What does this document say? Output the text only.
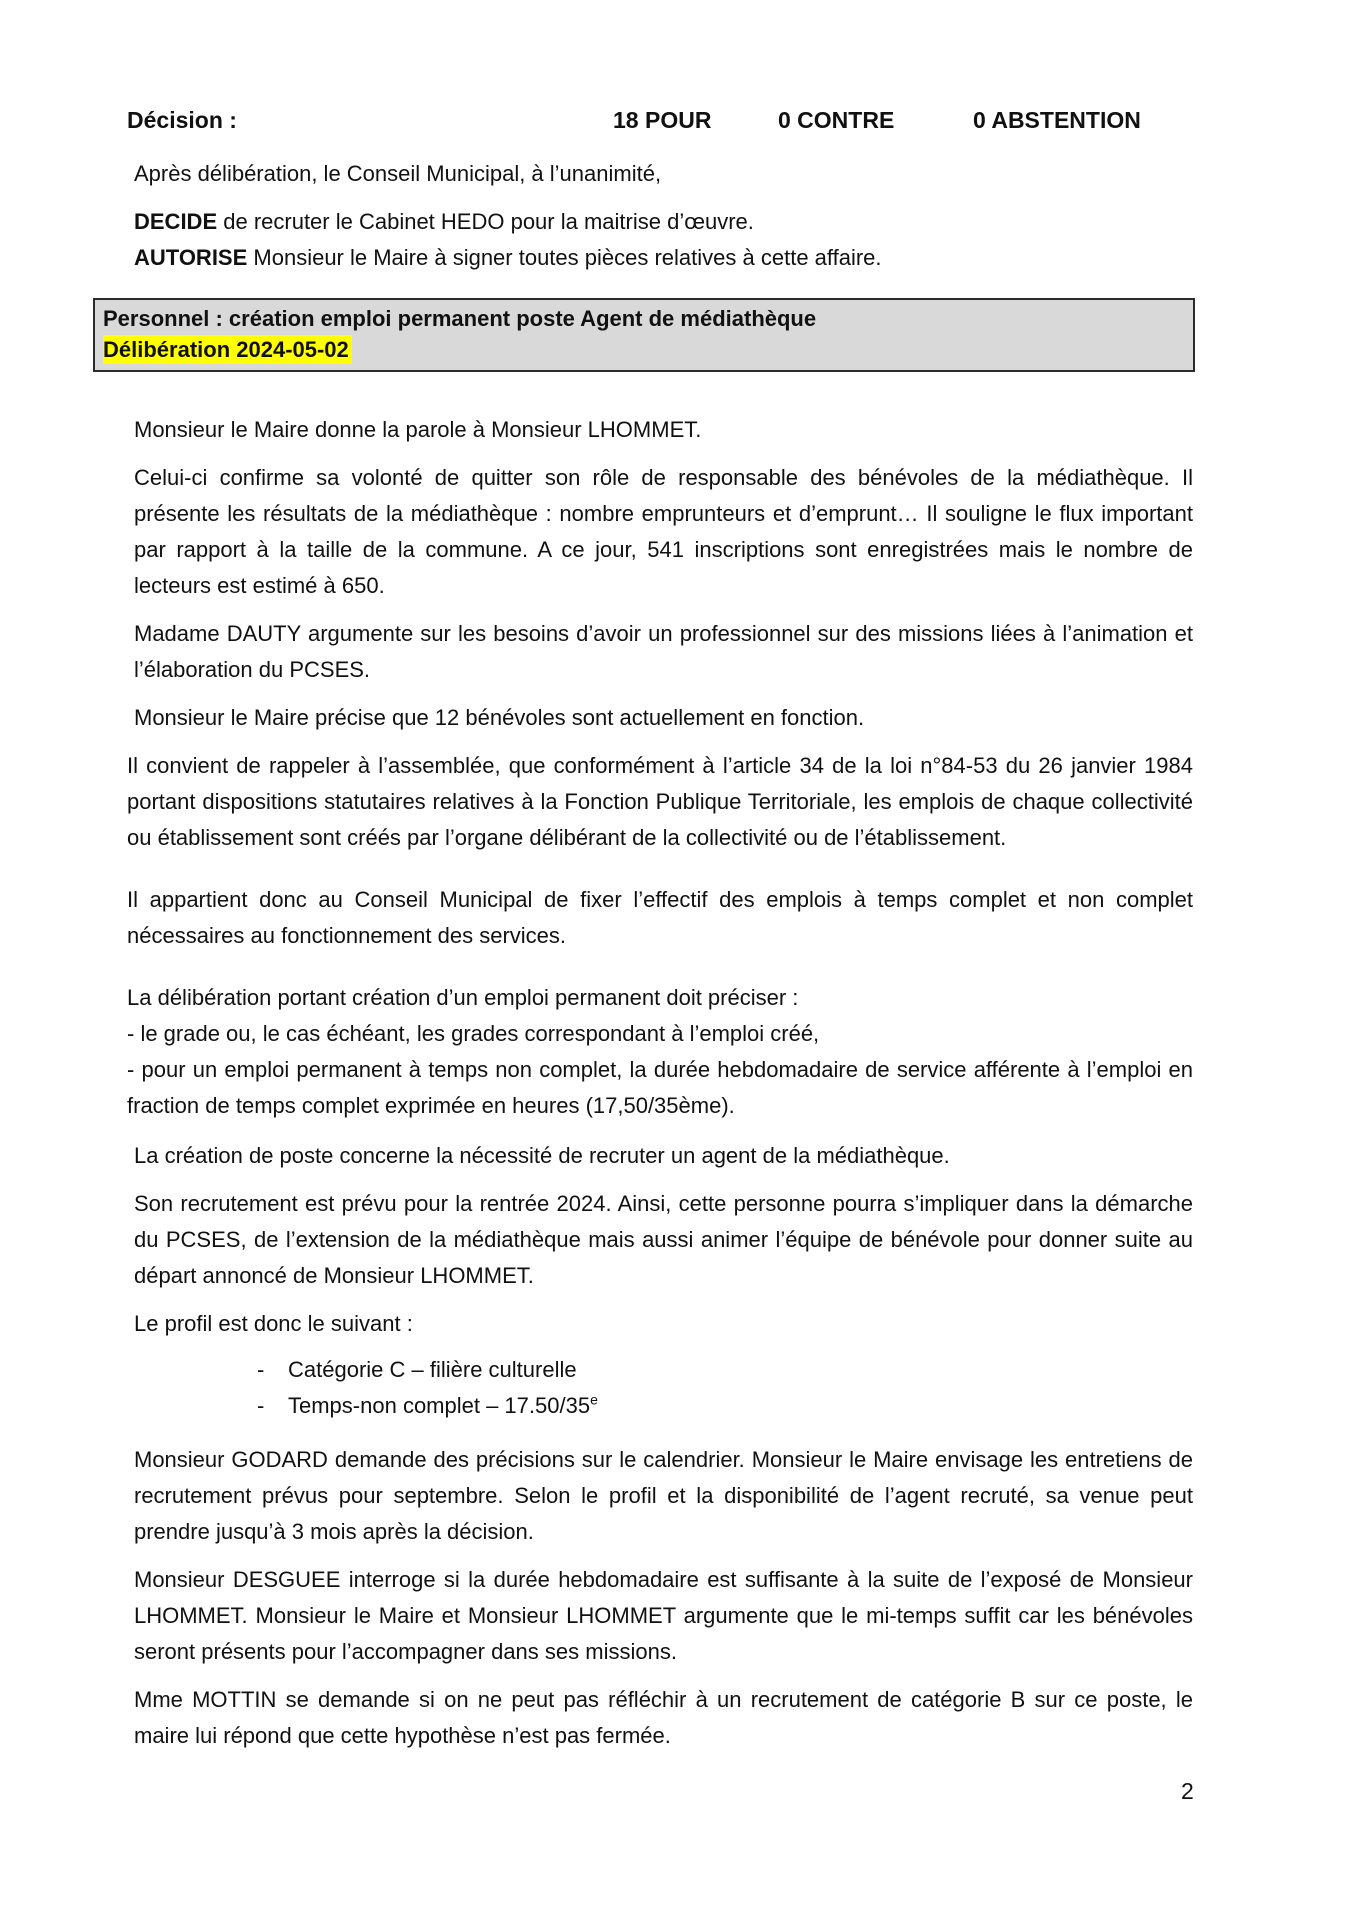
Décision :	18 POUR	0 CONTRE	0 ABSTENTION

Après délibération, le Conseil Municipal, à l’unanimité,

DECIDE de recruter le Cabinet HEDO pour la maitrise d’œuvre.

AUTORISE Monsieur le Maire à signer toutes pièces relatives à cette affaire.

Personnel : création emploi permanent poste Agent de médiathèque
Délibération 2024-05-02

Monsieur le Maire donne la parole à Monsieur LHOMMET.

Celui-ci confirme sa volonté de quitter son rôle de responsable des bénévoles de la médiathèque. Il présente les résultats de la médiathèque : nombre emprunteurs et d’emprunt… Il souligne le flux important par rapport à la taille de la commune. A ce jour, 541 inscriptions sont enregistrées mais le nombre de lecteurs est estimé à 650.

Madame DAUTY argumente sur les besoins d’avoir un professionnel sur des missions liées à l’animation et l’élaboration du PCSES.

Monsieur le Maire précise que 12 bénévoles sont actuellement en fonction.

Il convient de rappeler à l’assemblée, que conformément à l’article 34 de la loi n°84-53 du 26 janvier 1984 portant dispositions statutaires relatives à la Fonction Publique Territoriale, les emplois de chaque collectivité ou établissement sont créés par l’organe délibérant de la collectivité ou de l’établissement.

Il appartient donc au Conseil Municipal de fixer l’effectif des emplois à temps complet et non complet nécessaires au fonctionnement des services.

La délibération portant création d’un emploi permanent doit préciser :

- le grade ou, le cas échéant, les grades correspondant à l’emploi créé,

- pour un emploi permanent à temps non complet, la durée hebdomadaire de service afférente à l’emploi en fraction de temps complet exprimée en heures (17,50/35ème).

La création de poste concerne la nécessité de recruter un agent de la médiathèque.

Son recrutement est prévu pour la rentrée 2024. Ainsi, cette personne pourra s’impliquer dans la démarche du PCSES, de l’extension de la médiathèque mais aussi animer l’équipe de bénévole pour donner suite au départ annoncé de Monsieur LHOMMET.

Le profil est donc le suivant :

- Catégorie C – filière culturelle

- Temps-non complet – 17.50/35e

Monsieur GODARD demande des précisions sur le calendrier. Monsieur le Maire envisage les entretiens de recrutement prévus pour septembre. Selon le profil et la disponibilité de l’agent recruté, sa venue peut prendre jusqu’à 3 mois après la décision.

Monsieur DESGUEE interroge si la durée hebdomadaire est suffisante à la suite de l’exposé de Monsieur LHOMMET. Monsieur le Maire et Monsieur LHOMMET argumente que le mi-temps suffit car les bénévoles seront présents pour l’accompagner dans ses missions.

Mme MOTTIN se demande si on ne peut pas réfléchir à un recrutement de catégorie B sur ce poste, le maire lui répond que cette hypothèse n’est pas fermée.

2
